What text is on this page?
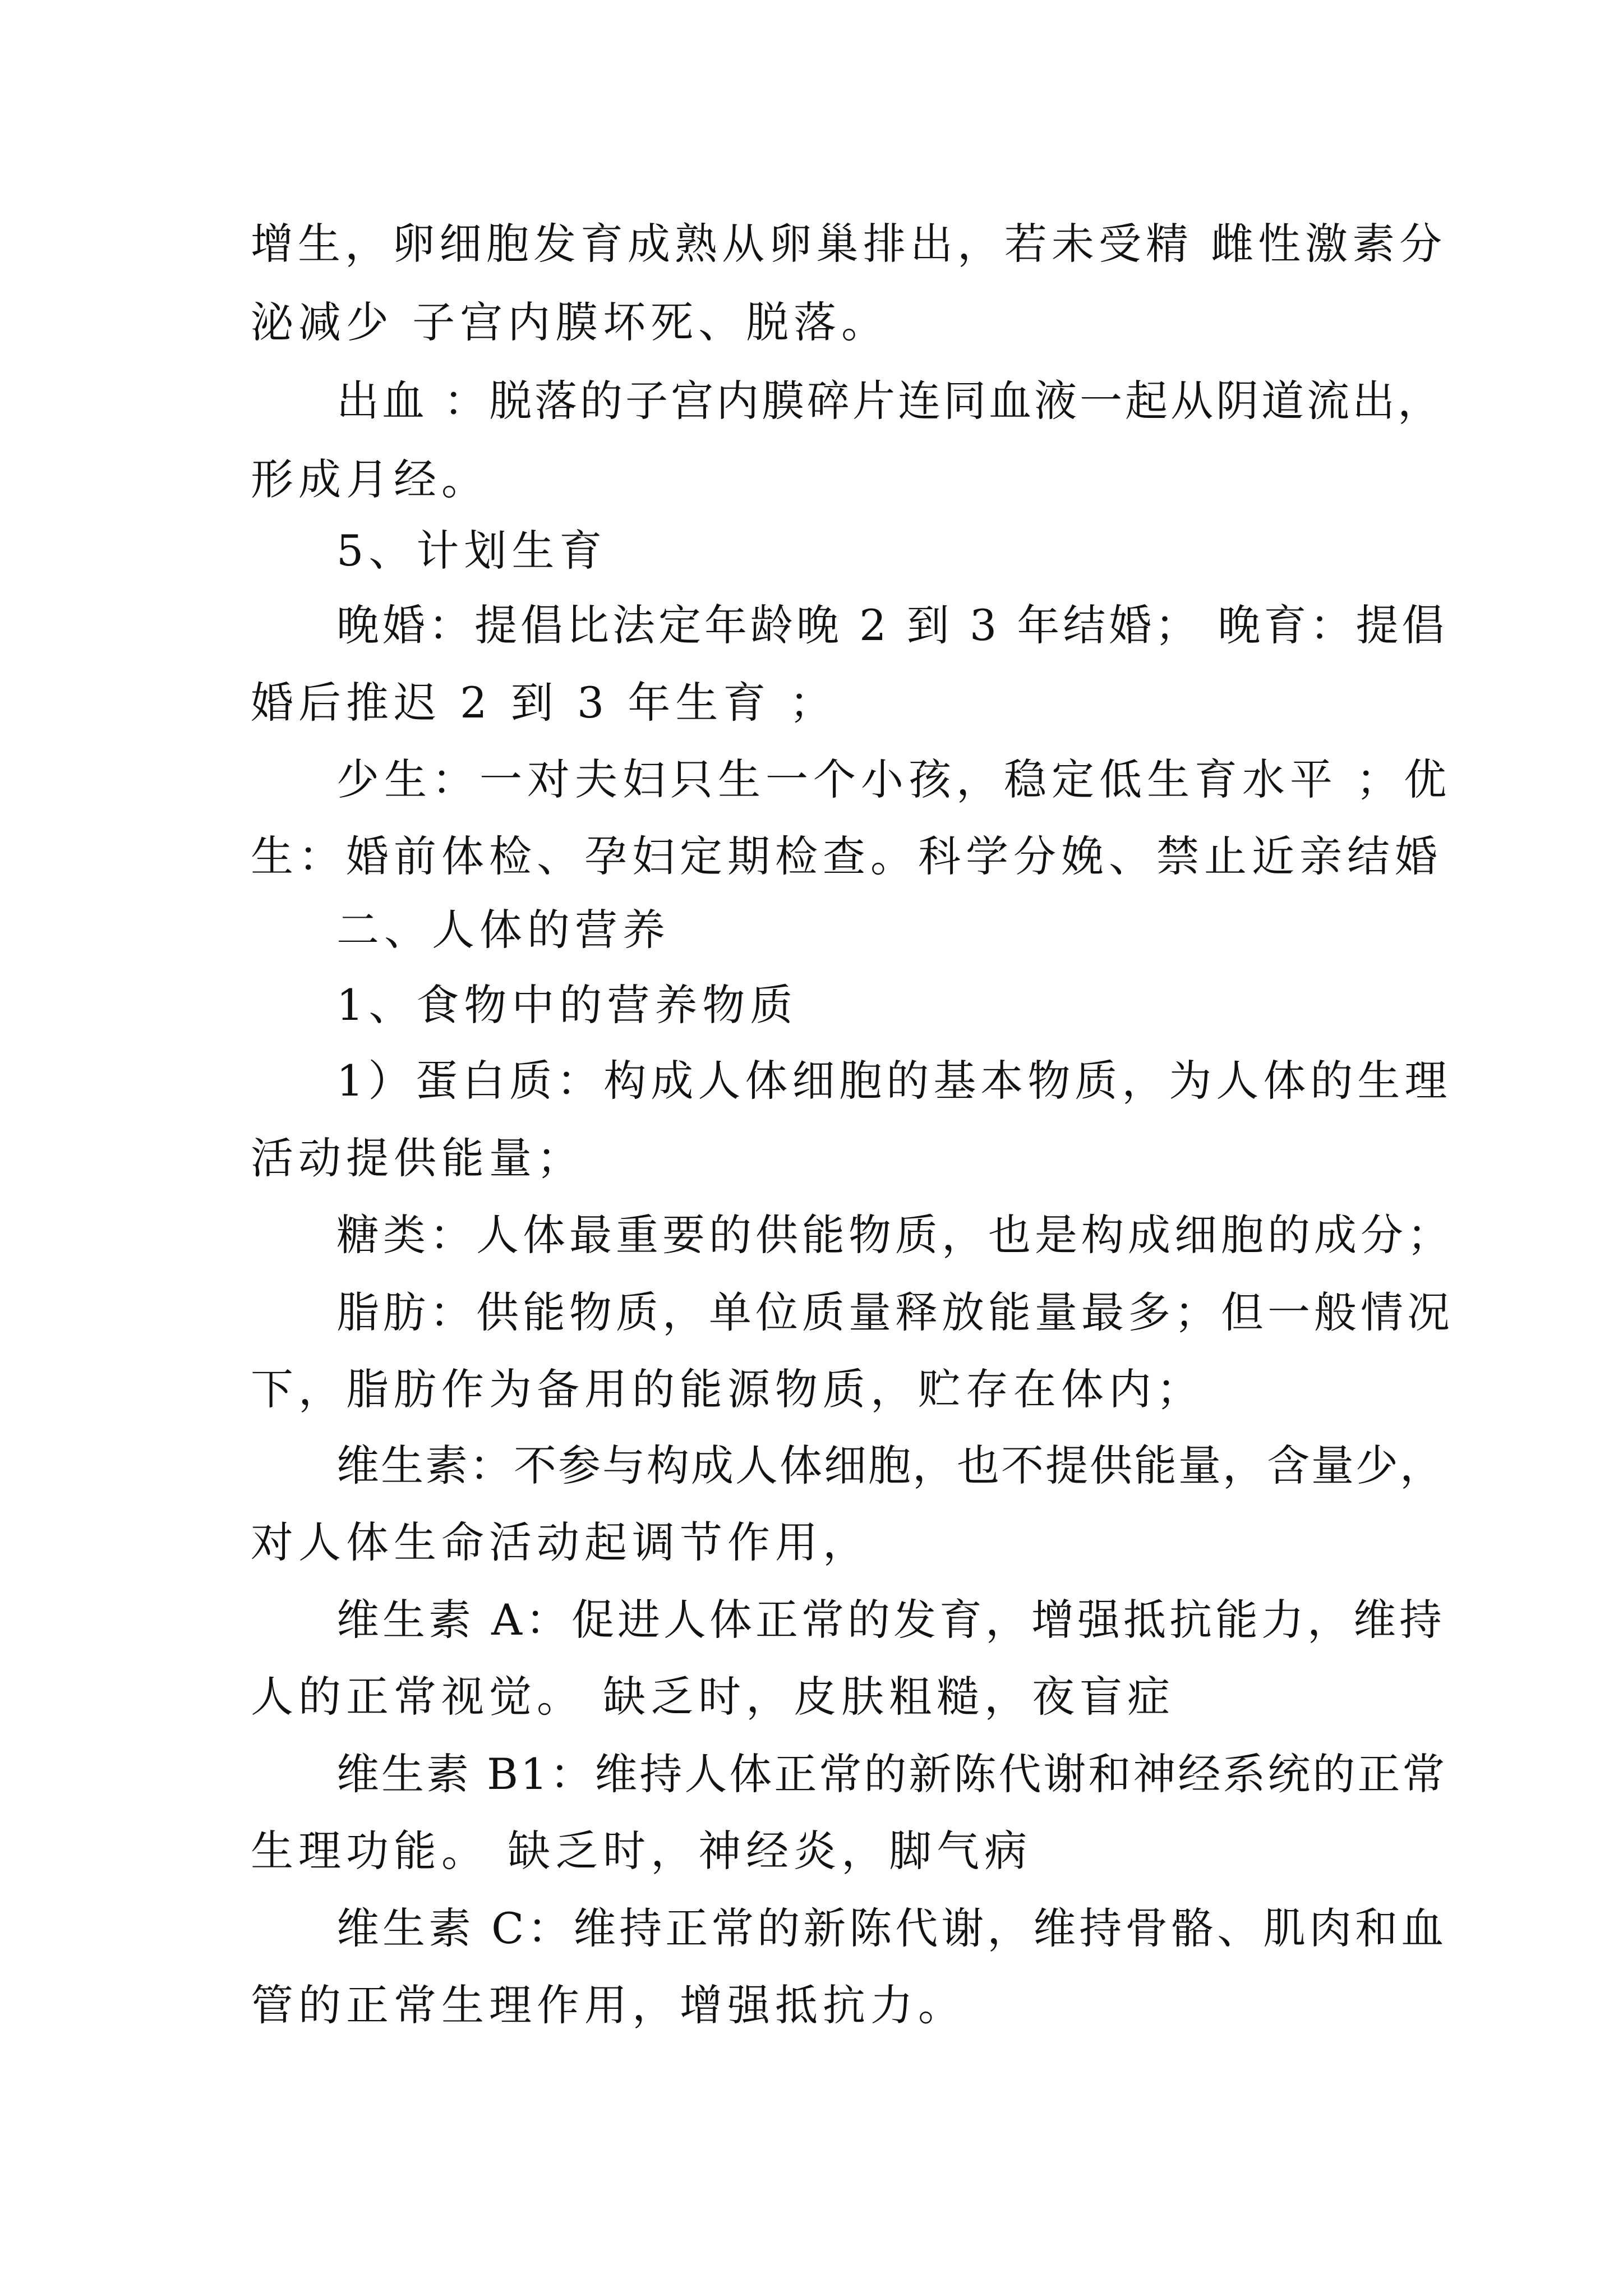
增生，卵细胞发育成熟从卵巢排出，若未受精 雌性激素分
泌减少 子宫内膜坏死、脱落。
出血 ：脱落的子宫内膜碎片连同血液一起从阴道流出，
形成月经。
5、计划生育
晚婚：提倡比法定年龄晚 2 到 3 年结婚； 晚育：提倡
婚后推迟 2 到 3 年生育 ；
少生：一对夫妇只生一个小孩，稳定低生育水平 ；优
生：婚前体检、孕妇定期检查。科学分娩、禁止近亲结婚
二、人体的营养
1、食物中的营养物质
1）蛋白质：构成人体细胞的基本物质，为人体的生理
活动提供能量；
糖类：人体最重要的供能物质，也是构成细胞的成分；
脂肪：供能物质，单位质量释放能量最多；但一般情况
下，脂肪作为备用的能源物质，贮存在体内；
维生素：不参与构成人体细胞，也不提供能量，含量少，
对人体生命活动起调节作用，
维生素 A：促进人体正常的发育，增强抵抗能力，维持
人的正常视觉。 缺乏时，皮肤粗糙，夜盲症
维生素 B1：维持人体正常的新陈代谢和神经系统的正常
生理功能。 缺乏时，神经炎，脚气病
维生素 C：维持正常的新陈代谢，维持骨骼、肌肉和血
管的正常生理作用，增强抵抗力。
